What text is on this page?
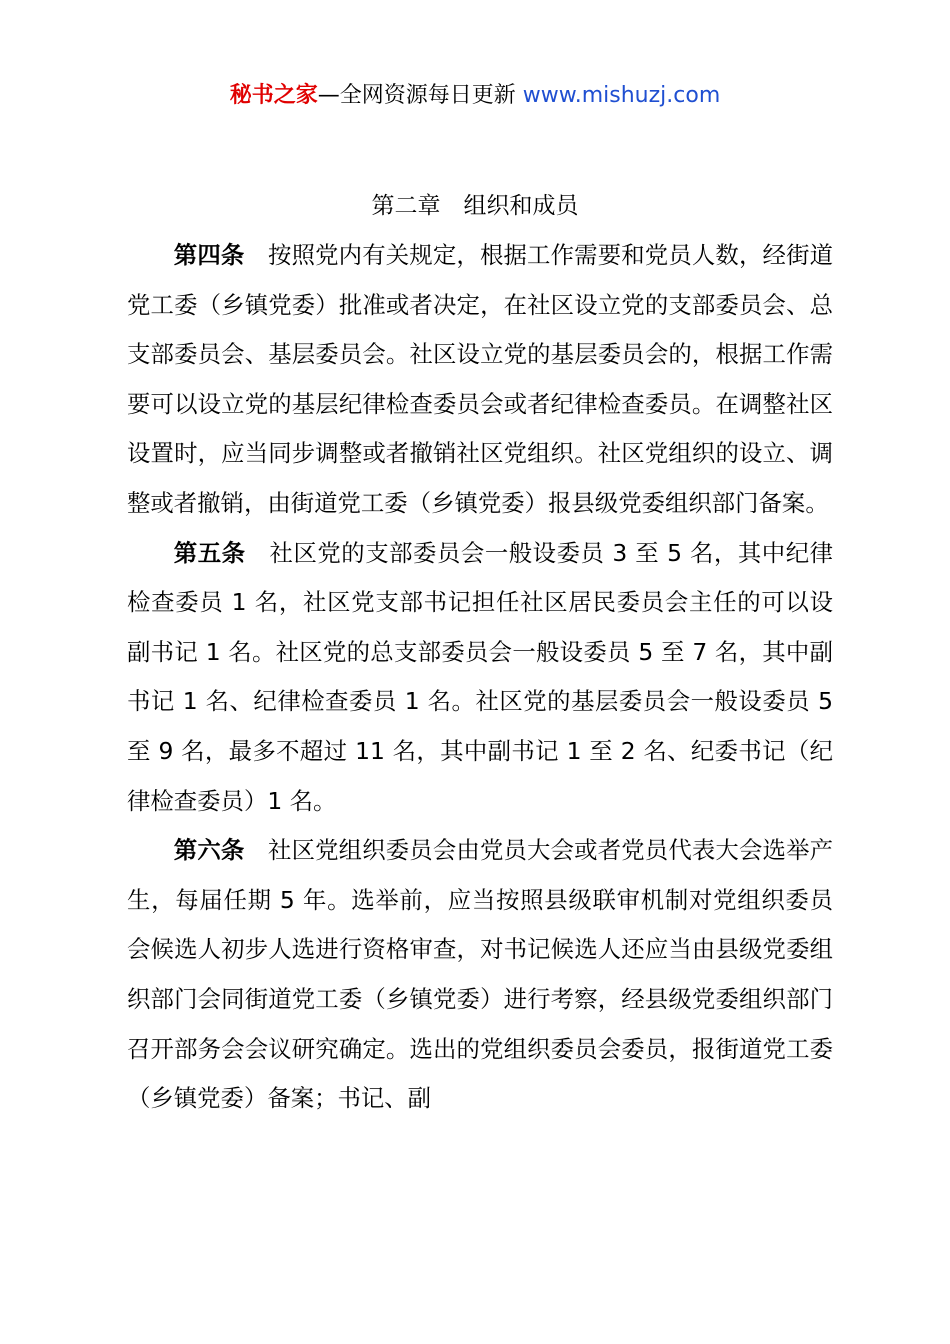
秘书之家—全网资源每日更新 www.mishuzj.com
第二章　组织和成员

第四条　 按照党内有关规定，根据工作需要和党员人数，经街道党工委（乡镇党委）批准或者决定，在社区设立党的支部委员会、总支部委员会、基层委员会。社区设立党的基层委员会的，根据工作需要可以设立党的基层纪律检查委员会或者纪律检查委员。在调整社区设置时，应当同步调整或者撤销社区党组织。社区党组织的设立、调整或者撤销，由街道党工委（乡镇党委）报县级党委组织部门备案。

第五条　 社区党的支部委员会一般设委员 3 至 5 名，其中纪律检查委员 1 名，社区党支部书记担任社区居民委员会主任的可以设副书记 1 名。社区党的总支部委员会一般设委员 5 至 7 名，其中副书记 1 名、纪律检查委员 1 名。社区党的基层委员会一般设委员 5 至 9 名，最多不超过 11 名，其中副书记 1 至 2 名、纪委书记（纪律检查委员）1 名。

第六条　 社区党组织委员会由党员大会或者党员代表大会选举产生，每届任期 5 年。选举前，应当按照县级联审机制对党组织委员会候选人初步人选进行资格审查，对书记候选人还应当由县级党委组织部门会同街道党工委（乡镇党委）进行考察，经县级党委组织部门召开部务会会议研究确定。选出的党组织委员会委员，报街道党工委（乡镇党委）备案；书记、副
